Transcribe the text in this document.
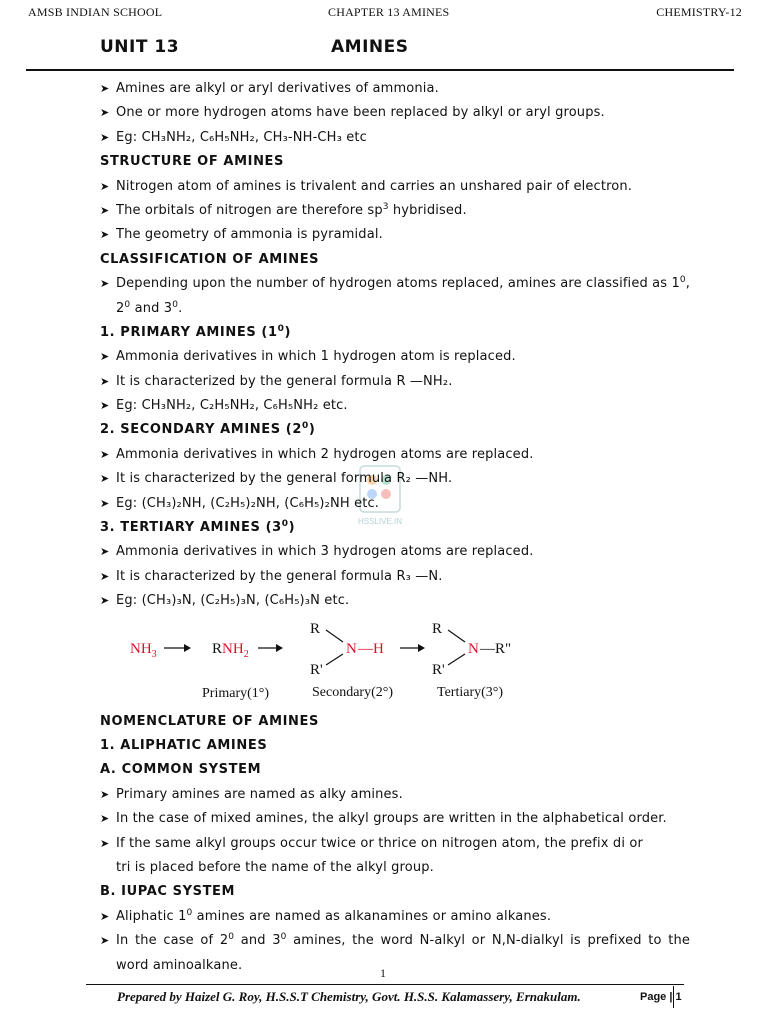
AMSB INDIAN SCHOOL	CHAPTER 13 AMINES	CHEMISTRY-12
UNIT 13	AMINES
HSSLIVE.IN
➤ Amines are alkyl or aryl derivatives of ammonia.
➤ One or more hydrogen atoms have been replaced by alkyl or aryl groups.
➤ Eg: CH₃NH₂, C₆H₅NH₂, CH₃-NH-CH₃ etc
STRUCTURE OF AMINES
➤ Nitrogen atom of amines is trivalent and carries an unshared pair of electron.
➤ The orbitals of nitrogen are therefore $sp^3$ hybridised.
➤ The geometry of ammonia is pyramidal.
CLASSIFICATION OF AMINES
➤ Depending upon the number of hydrogen atoms replaced, amines are classified as $1^0$,
$2^0$ and $3^0$.
1. PRIMARY AMINES $(1^0)$
➤ Ammonia derivatives in which 1 hydrogen atom is replaced.
➤ It is characterized by the general formula R —NH₂.
➤ Eg: CH₃NH₂, C₂H₅NH₂, C₆H₅NH₂ etc.
2. SECONDARY AMINES $(2^0)$
➤ Ammonia derivatives in which 2 hydrogen atoms are replaced.
➤ It is characterized by the general formula R₂ —NH.
➤ Eg: (CH₃)₂NH, (C₂H₅)₂NH, (C₆H₅)₂NH etc.
3. TERTIARY AMINES $(3^0)$
➤ Ammonia derivatives in which 3 hydrogen atoms are replaced.
➤ It is characterized by the general formula R₃ —N.
➤ Eg: (CH₃)₃N, (C₂H₅)₃N, (C₆H₅)₃N etc.
$NH_3$	$RNH_2$
R
R'
N —H
R
R'
N —R"
Primary(1°)	Secondary(2°)	Tertiary(3°)
NOMENCLATURE OF AMINES
1. ALIPHATIC AMINES
A. COMMON SYSTEM
➤ Primary amines are named as alky amines.
➤ In the case of mixed amines, the alkyl groups are written in the alphabetical order.
➤ If the same alkyl groups occur twice or thrice on nitrogen atom, the prefix di or
tri is placed before the name of the alkyl group.
B. IUPAC SYSTEM
➤ Aliphatic $1^0$ amines are named as alkanamines or amino alkanes.
➤ In the case of $2^0$ and $3^0$ amines, the word N-alkyl or N,N-dialkyl is prefixed to the
word aminoalkane.
1
Prepared by Haizel G. Roy, H.S.S.T Chemistry, Govt. H.S.S. Kalamassery, Ernakulam.	Page | 1
